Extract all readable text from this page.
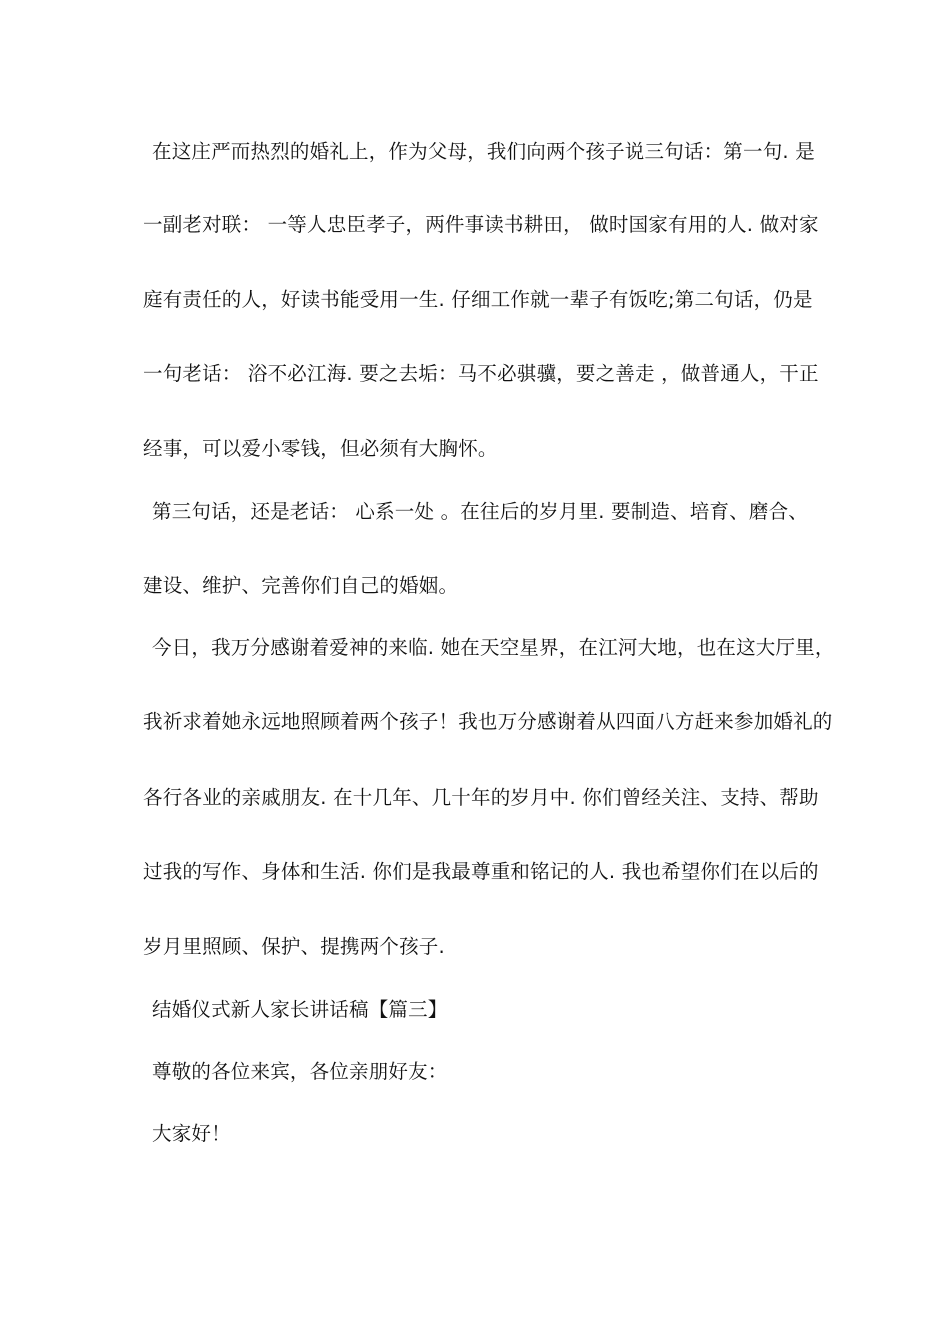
在这庄严而热烈的婚礼上，作为父母，我们向两个孩子说三句话：第一句. 是
一副老对联： 一等人忠臣孝子，两件事读书耕田， 做时国家有用的人. 做对家
庭有责任的人，好读书能受用一生. 仔细工作就一辈子有饭吃;第二句话，仍是
一句老话： 浴不必江海. 要之去垢：马不必骐骥，要之善走 ，做普通人，干正
经事，可以爱小零钱，但必须有大胸怀。
第三句话，还是老话： 心系一处 。在往后的岁月里. 要制造、培育、磨合、
建设、维护、完善你们自己的婚姻。
今日，我万分感谢着爱神的来临. 她在天空星界，在江河大地，也在这大厅里，
我祈求着她永远地照顾着两个孩子！我也万分感谢着从四面八方赶来参加婚礼的
各行各业的亲戚朋友. 在十几年、几十年的岁月中. 你们曾经关注、支持、帮助
过我的写作、身体和生活. 你们是我最尊重和铭记的人. 我也希望你们在以后的
岁月里照顾、保护、提携两个孩子.
结婚仪式新人家长讲话稿【篇三】
尊敬的各位来宾，各位亲朋好友：
大家好！
